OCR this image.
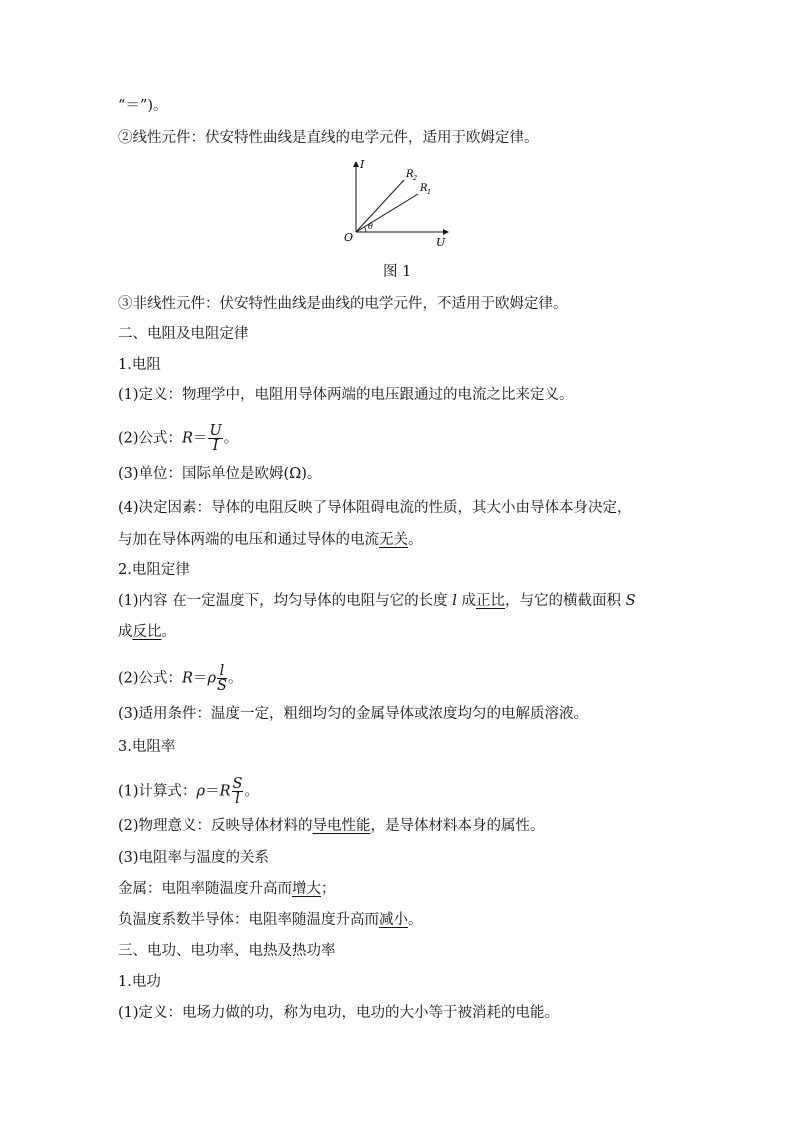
“＝”)。
②线性元件：伏安特性曲线是直线的电学元件，适用于欧姆定律。
I
U
O
θ
R 2
R 1
图 1
③非线性元件：伏安特性曲线是曲线的电学元件，不适用于欧姆定律。
二、电阻及电阻定律
1.电阻
(1)定义：物理学中，电阻用导体两端的电压跟通过的电流之比来定义。
(2)公式：$R= \frac{U}{I}$ 。
(3)单位：国际单位是欧姆(Ω)。
(4)决定因素：导体的电阻反映了导体阻碍电流的性质，其大小由导体本身决定，
与加在导体两端的电压和通过导体的电流无关。
2.电阻定律
(1)内容 在一定温度下，均匀导体的电阻与它的长度 l 成正比，与它的横截面积 S
成反比。
(2)公式：$R=\rho \frac{l}{S}$ 。
(3)适用条件：温度一定，粗细均匀的金属导体或浓度均匀的电解质溶液。
3.电阻率
(1)计算式：$\rho=R \frac{S}{l}$ 。
(2)物理意义：反映导体材料的导电性能，是导体材料本身的属性。
(3)电阻率与温度的关系
金属：电阻率随温度升高而增大；
负温度系数半导体：电阻率随温度升高而减小。
三、电功、电功率、电热及热功率
1.电功
(1)定义：电场力做的功，称为电功，电功的大小等于被消耗的电能。
